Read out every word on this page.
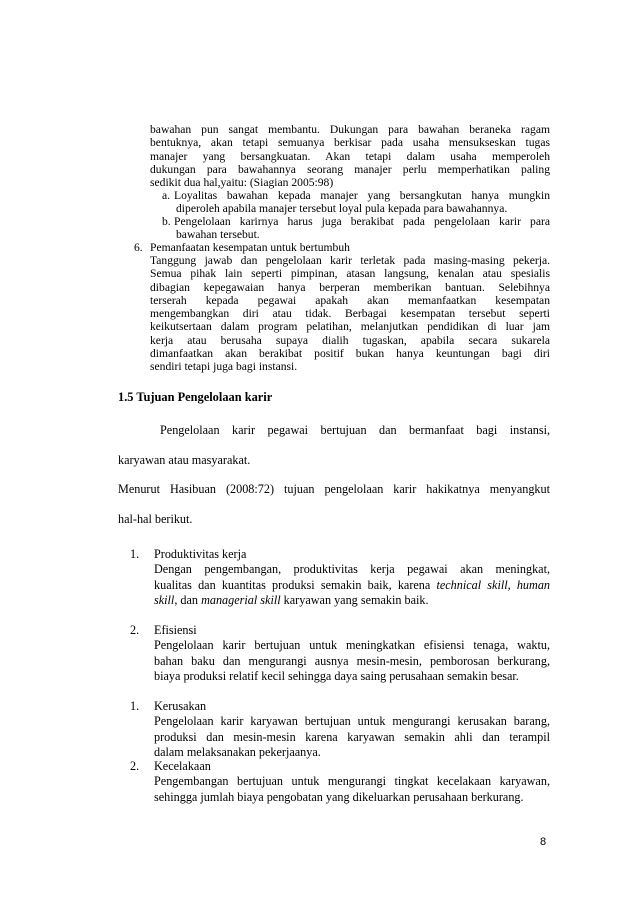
bawahan pun sangat membantu. Dukungan para bawahan beraneka ragam
bentuknya, akan tetapi semuanya berkisar pada usaha mensukseskan tugas
manajer yang bersangkuatan. Akan tetapi dalam usaha memperoleh
dukungan para bawahannya seorang manajer perlu memperhatikan paling
sedikit dua hal,yaitu: (Siagian 2005:98)
a. Loyalitas bawahan kepada manajer yang bersangkutan hanya mungkin
diperoleh apabila manajer tersebut loyal pula kepada para bawahannya.
b. Pengelolaan karirnya harus juga berakibat pada pengelolaan karir para
bawahan tersebut.
6. Pemanfaatan kesempatan untuk bertumbuh
Tanggung jawab dan pengelolaan karir terletak pada masing-masing pekerja.
Semua pihak lain seperti pimpinan, atasan langsung, kenalan atau spesialis
dibagian kepegawaian hanya berperan memberikan bantuan. Selebihnya
terserah kepada pegawai apakah akan memanfaatkan kesempatan
mengembangkan diri atau tidak. Berbagai kesempatan tersebut seperti
keikutsertaan dalam program pelatihan, melanjutkan pendidikan di luar jam
kerja atau berusaha supaya dialih tugaskan, apabila secara sukarela
dimanfaatkan akan berakibat positif bukan hanya keuntungan bagi diri
sendiri tetapi juga bagi instansi.

1.5 Tujuan Pengelolaan karir

Pengelolaan karir pegawai bertujuan dan bermanfaat bagi instansi,

karyawan atau masyarakat.

Menurut Hasibuan (2008:72) tujuan pengelolaan karir hakikatnya menyangkut

hal-hal berikut.

1. Produktivitas kerja
Dengan pengembangan, produktivitas kerja pegawai akan meningkat,
kualitas dan kuantitas produksi semakin baik, karena technical skill, human
skill, dan managerial skill karyawan yang semakin baik.
2. Efisiensi
Pengelolaan karir bertujuan untuk meningkatkan efisiensi tenaga, waktu,
bahan baku dan mengurangi ausnya mesin-mesin, pemborosan berkurang,
biaya produksi relatif kecil sehingga daya saing perusahaan semakin besar.
1. Kerusakan
Pengelolaan karir karyawan bertujuan untuk mengurangi kerusakan barang,
produksi dan mesin-mesin karena karyawan semakin ahli dan terampil
dalam melaksanakan pekerjaanya.
2. Kecelakaan
Pengembangan bertujuan untuk mengurangi tingkat kecelakaan karyawan,
sehingga jumlah biaya pengobatan yang dikeluarkan perusahaan berkurang.
8
